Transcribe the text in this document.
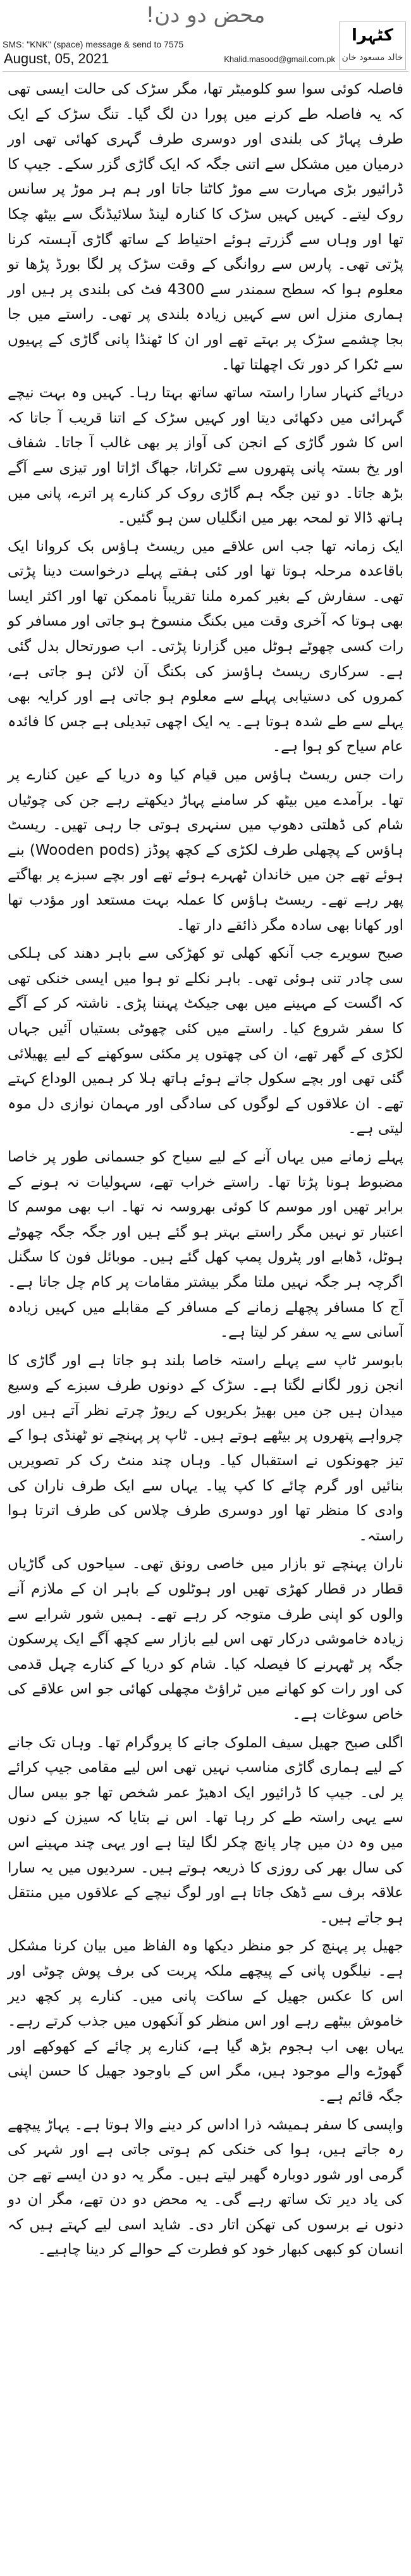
محض دو دن!
SMS: "KNK" (space) message & send to 7575
August, 05, 2021	Khalid.masood@gmail.com.pk
کٹہرا
خالد مسعود خان

فاصلہ کوئی سوا سو کلومیٹر تھا، مگر سڑک کی حالت ایسی تھی کہ یہ فاصلہ طے کرنے میں پورا دن لگ گیا۔ تنگ سڑک کے ایک طرف پہاڑ کی بلندی اور دوسری طرف گہری کھائی تھی اور درمیان میں مشکل سے اتنی جگہ کہ ایک گاڑی گزر سکے۔ جیپ کا ڈرائیور بڑی مہارت سے موڑ کاٹتا جاتا اور ہم ہر موڑ پر سانس روک لیتے۔ کہیں کہیں سڑک کا کنارہ لینڈ سلائیڈنگ سے بیٹھ چکا تھا اور وہاں سے گزرتے ہوئے احتیاط کے ساتھ گاڑی آہستہ کرنا پڑتی تھی۔ پارس سے روانگی کے وقت سڑک پر لگا بورڈ پڑھا تو معلوم ہوا کہ سطح سمندر سے 4300 فٹ کی بلندی پر ہیں اور ہماری منزل اس سے کہیں زیادہ بلندی پر تھی۔ راستے میں جا بجا چشمے سڑک پر بہتے تھے اور ان کا ٹھنڈا پانی گاڑی کے پہیوں سے ٹکرا کر دور تک اچھلتا تھا۔

دریائے کنہار سارا راستہ ساتھ ساتھ بہتا رہا۔ کہیں وہ بہت نیچے گہرائی میں دکھائی دیتا اور کہیں سڑک کے اتنا قریب آ جاتا کہ اس کا شور گاڑی کے انجن کی آواز پر بھی غالب آ جاتا۔ شفاف اور یخ بستہ پانی پتھروں سے ٹکراتا، جھاگ اڑاتا اور تیزی سے آگے بڑھ جاتا۔ دو تین جگہ ہم گاڑی روک کر کنارے پر اترے، پانی میں ہاتھ ڈالا تو لمحہ بھر میں انگلیاں سن ہو گئیں۔

ایک زمانہ تھا جب اس علاقے میں ریسٹ ہاؤس بک کروانا ایک باقاعدہ مرحلہ ہوتا تھا اور کئی ہفتے پہلے درخواست دینا پڑتی تھی۔ سفارش کے بغیر کمرہ ملنا تقریباً ناممکن تھا اور اکثر ایسا بھی ہوتا کہ آخری وقت میں بکنگ منسوخ ہو جاتی اور مسافر کو رات کسی چھوٹے ہوٹل میں گزارنا پڑتی۔ اب صورتحال بدل گئی ہے۔ سرکاری ریسٹ ہاؤسز کی بکنگ آن لائن ہو جاتی ہے، کمروں کی دستیابی پہلے سے معلوم ہو جاتی ہے اور کرایہ بھی پہلے سے طے شدہ ہوتا ہے۔ یہ ایک اچھی تبدیلی ہے جس کا فائدہ عام سیاح کو ہوا ہے۔

رات جس ریسٹ ہاؤس میں قیام کیا وہ دریا کے عین کنارے پر تھا۔ برآمدے میں بیٹھ کر سامنے پہاڑ دیکھتے رہے جن کی چوٹیاں شام کی ڈھلتی دھوپ میں سنہری ہوتی جا رہی تھیں۔ ریسٹ ہاؤس کے پچھلی طرف لکڑی کے کچھ پوڈز (Wooden pods) بنے ہوئے تھے جن میں خاندان ٹھہرے ہوئے تھے اور بچے سبزے پر بھاگتے پھر رہے تھے۔ ریسٹ ہاؤس کا عملہ بہت مستعد اور مؤدب تھا اور کھانا بھی سادہ مگر ذائقے دار تھا۔

صبح سویرے جب آنکھ کھلی تو کھڑکی سے باہر دھند کی ہلکی سی چادر تنی ہوئی تھی۔ باہر نکلے تو ہوا میں ایسی خنکی تھی کہ اگست کے مہینے میں بھی جیکٹ پہننا پڑی۔ ناشتہ کر کے آگے کا سفر شروع کیا۔ راستے میں کئی چھوٹی بستیاں آئیں جہاں لکڑی کے گھر تھے، ان کی چھتوں پر مکئی سوکھنے کے لیے پھیلائی گئی تھی اور بچے سکول جاتے ہوئے ہاتھ ہلا کر ہمیں الوداع کہتے تھے۔ ان علاقوں کے لوگوں کی سادگی اور مہمان نوازی دل موہ لیتی ہے۔

پہلے زمانے میں یہاں آنے کے لیے سیاح کو جسمانی طور پر خاصا مضبوط ہونا پڑتا تھا۔ راستے خراب تھے، سہولیات نہ ہونے کے برابر تھیں اور موسم کا کوئی بھروسہ نہ تھا۔ اب بھی موسم کا اعتبار تو نہیں مگر راستے بہتر ہو گئے ہیں اور جگہ جگہ چھوٹے ہوٹل، ڈھابے اور پٹرول پمپ کھل گئے ہیں۔ موبائل فون کا سگنل اگرچہ ہر جگہ نہیں ملتا مگر بیشتر مقامات پر کام چل جاتا ہے۔ آج کا مسافر پچھلے زمانے کے مسافر کے مقابلے میں کہیں زیادہ آسانی سے یہ سفر کر لیتا ہے۔

بابوسر ٹاپ سے پہلے راستہ خاصا بلند ہو جاتا ہے اور گاڑی کا انجن زور لگانے لگتا ہے۔ سڑک کے دونوں طرف سبزے کے وسیع میدان ہیں جن میں بھیڑ بکریوں کے ریوڑ چرتے نظر آتے ہیں اور چرواہے پتھروں پر بیٹھے ہوتے ہیں۔ ٹاپ پر پہنچے تو ٹھنڈی ہوا کے تیز جھونکوں نے استقبال کیا۔ وہاں چند منٹ رک کر تصویریں بنائیں اور گرم چائے کا کپ پیا۔ یہاں سے ایک طرف ناران کی وادی کا منظر تھا اور دوسری طرف چلاس کی طرف اترتا ہوا راستہ۔

ناران پہنچے تو بازار میں خاصی رونق تھی۔ سیاحوں کی گاڑیاں قطار در قطار کھڑی تھیں اور ہوٹلوں کے باہر ان کے ملازم آنے والوں کو اپنی طرف متوجہ کر رہے تھے۔ ہمیں شور شرابے سے زیادہ خاموشی درکار تھی اس لیے بازار سے کچھ آگے ایک پرسکون جگہ پر ٹھہرنے کا فیصلہ کیا۔ شام کو دریا کے کنارے چہل قدمی کی اور رات کو کھانے میں ٹراؤٹ مچھلی کھائی جو اس علاقے کی خاص سوغات ہے۔

اگلی صبح جھیل سیف الملوک جانے کا پروگرام تھا۔ وہاں تک جانے کے لیے ہماری گاڑی مناسب نہیں تھی اس لیے مقامی جیپ کرائے پر لی۔ جیپ کا ڈرائیور ایک ادھیڑ عمر شخص تھا جو بیس سال سے یہی راستہ طے کر رہا تھا۔ اس نے بتایا کہ سیزن کے دنوں میں وہ دن میں چار پانچ چکر لگا لیتا ہے اور یہی چند مہینے اس کی سال بھر کی روزی کا ذریعہ ہوتے ہیں۔ سردیوں میں یہ سارا علاقہ برف سے ڈھک جاتا ہے اور لوگ نیچے کے علاقوں میں منتقل ہو جاتے ہیں۔

جھیل پر پہنچ کر جو منظر دیکھا وہ الفاظ میں بیان کرنا مشکل ہے۔ نیلگوں پانی کے پیچھے ملکہ پربت کی برف پوش چوٹی اور اس کا عکس جھیل کے ساکت پانی میں۔ کنارے پر کچھ دیر خاموش بیٹھے رہے اور اس منظر کو آنکھوں میں جذب کرتے رہے۔ یہاں بھی اب ہجوم بڑھ گیا ہے، کنارے پر چائے کے کھوکھے اور گھوڑے والے موجود ہیں، مگر اس کے باوجود جھیل کا حسن اپنی جگہ قائم ہے۔

واپسی کا سفر ہمیشہ ذرا اداس کر دینے والا ہوتا ہے۔ پہاڑ پیچھے رہ جاتے ہیں، ہوا کی خنکی کم ہوتی جاتی ہے اور شہر کی گرمی اور شور دوبارہ گھیر لیتے ہیں۔ مگر یہ دو دن ایسے تھے جن کی یاد دیر تک ساتھ رہے گی۔ یہ محض دو دن تھے، مگر ان دو دنوں نے برسوں کی تھکن اتار دی۔ شاید اسی لیے کہتے ہیں کہ انسان کو کبھی کبھار خود کو فطرت کے حوالے کر دینا چاہیے۔
